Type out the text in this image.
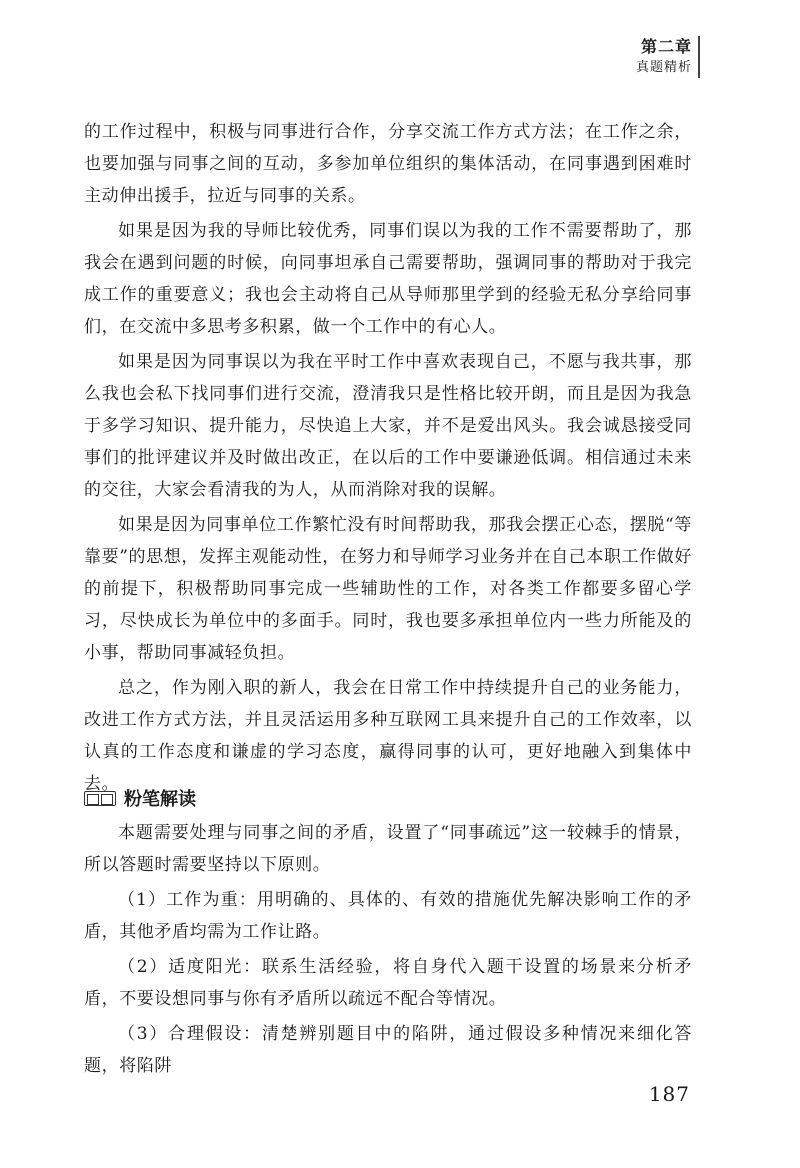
第二章
真题精析

的工作过程中，积极与同事进行合作，分享交流工作方式方法；在工作之余，也要加强与同事之间的互动，多参加单位组织的集体活动，在同事遇到困难时主动伸出援手，拉近与同事的关系。

如果是因为我的导师比较优秀，同事们误以为我的工作不需要帮助了，那我会在遇到问题的时候，向同事坦承自己需要帮助，强调同事的帮助对于我完成工作的重要意义；我也会主动将自己从导师那里学到的经验无私分享给同事们，在交流中多思考多积累，做一个工作中的有心人。

如果是因为同事误以为我在平时工作中喜欢表现自己，不愿与我共事，那么我也会私下找同事们进行交流，澄清我只是性格比较开朗，而且是因为我急于多学习知识、提升能力，尽快追上大家，并不是爱出风头。我会诚恳接受同事们的批评建议并及时做出改正，在以后的工作中要谦逊低调。相信通过未来的交往，大家会看清我的为人，从而消除对我的误解。

如果是因为同事单位工作繁忙没有时间帮助我，那我会摆正心态，摆脱“等靠要”的思想，发挥主观能动性，在努力和导师学习业务并在自己本职工作做好的前提下，积极帮助同事完成一些辅助性的工作，对各类工作都要多留心学习，尽快成长为单位中的多面手。同时，我也要多承担单位内一些力所能及的小事，帮助同事减轻负担。

总之，作为刚入职的新人，我会在日常工作中持续提升自己的业务能力，改进工作方式方法，并且灵活运用多种互联网工具来提升自己的工作效率，以认真的工作态度和谦虚的学习态度，赢得同事的认可，更好地融入到集体中去。

粉笔解读

本题需要处理与同事之间的矛盾，设置了“同事疏远”这一较棘手的情景，所以答题时需要坚持以下原则。

（1）工作为重：用明确的、具体的、有效的措施优先解决影响工作的矛盾，其他矛盾均需为工作让路。

（2）适度阳光：联系生活经验，将自身代入题干设置的场景来分析矛盾，不要设想同事与你有矛盾所以疏远不配合等情况。

（3）合理假设：清楚辨别题目中的陷阱，通过假设多种情况来细化答题，将陷阱

187
